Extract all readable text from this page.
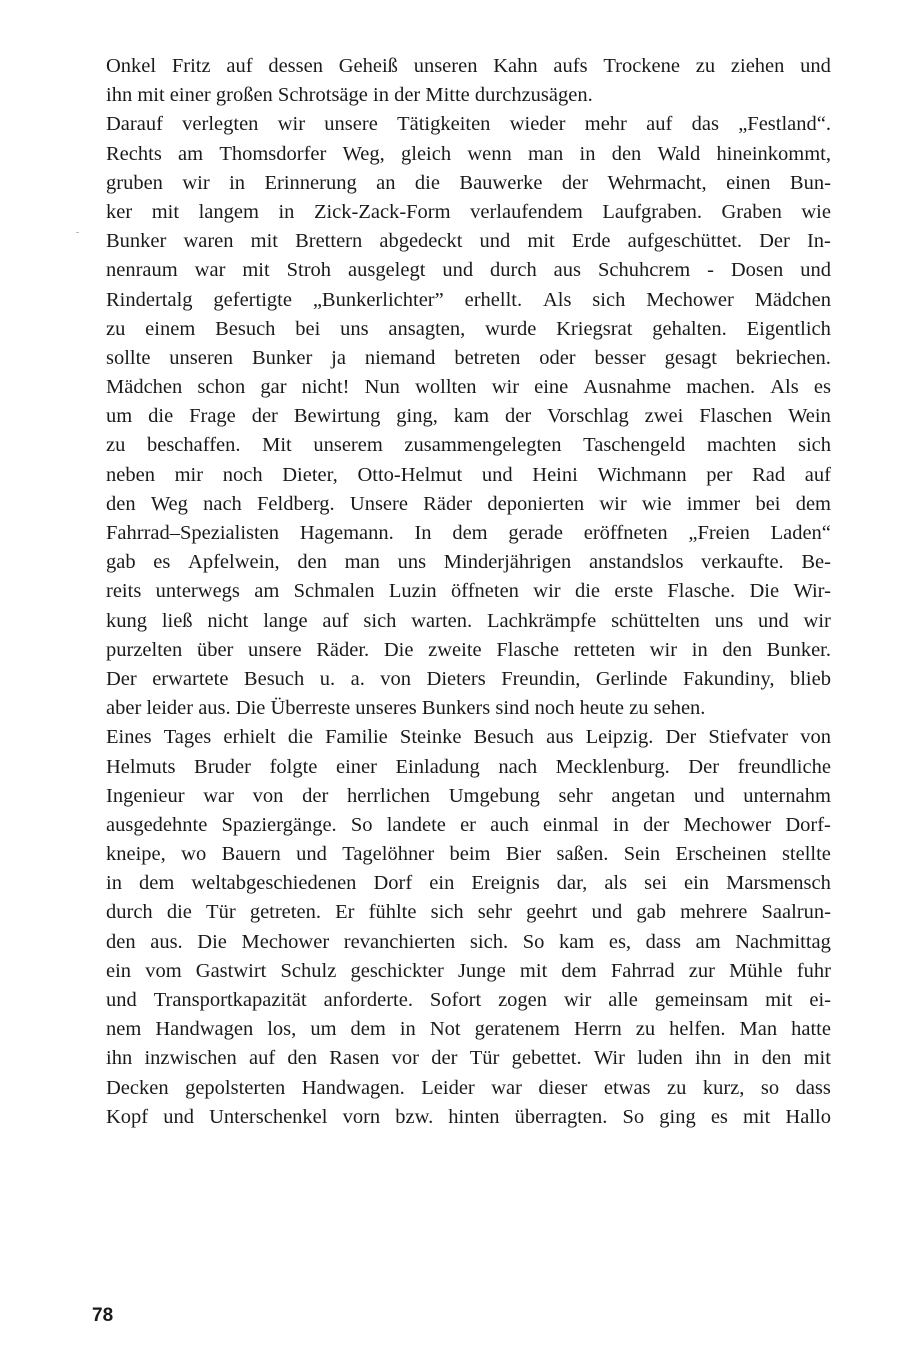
Onkel Fritz auf dessen Geheiß unseren Kahn aufs Trockene zu ziehen und
ihn mit einer großen Schrotsäge in der Mitte durchzusägen.
Darauf verlegten wir unsere Tätigkeiten wieder mehr auf das „Festland“.
Rechts am Thomsdorfer Weg, gleich wenn man in den Wald hineinkommt,
gruben wir in Erinnerung an die Bauwerke der Wehrmacht, einen Bun-
ker mit langem in Zick-Zack-Form verlaufendem Laufgraben. Graben wie
Bunker waren mit Brettern abgedeckt und mit Erde aufgeschüttet. Der In-
nenraum war mit Stroh ausgelegt und durch aus Schuhcrem - Dosen und
Rindertalg gefertigte „Bunkerlichter” erhellt. Als sich Mechower Mädchen
zu einem Besuch bei uns ansagten, wurde Kriegsrat gehalten. Eigentlich
sollte unseren Bunker ja niemand betreten oder besser gesagt bekriechen.
Mädchen schon gar nicht! Nun wollten wir eine Ausnahme machen. Als es
um die Frage der Bewirtung ging, kam der Vorschlag zwei Flaschen Wein
zu beschaffen. Mit unserem zusammengelegten Taschengeld machten sich
neben mir noch Dieter, Otto-Helmut und Heini Wichmann per Rad auf
den Weg nach Feldberg. Unsere Räder deponierten wir wie immer bei dem
Fahrrad–Spezialisten Hagemann. In dem gerade eröffneten „Freien Laden“
gab es Apfelwein, den man uns Minderjährigen anstandslos verkaufte. Be-
reits unterwegs am Schmalen Luzin öffneten wir die erste Flasche. Die Wir-
kung ließ nicht lange auf sich warten. Lachkrämpfe schüttelten uns und wir
purzelten über unsere Räder. Die zweite Flasche retteten wir in den Bunker.
Der erwartete Besuch u. a. von Dieters Freundin, Gerlinde Fakundiny, blieb
aber leider aus. Die Überreste unseres Bunkers sind noch heute zu sehen.
Eines Tages erhielt die Familie Steinke Besuch aus Leipzig. Der Stiefvater von
Helmuts Bruder folgte einer Einladung nach Mecklenburg. Der freundliche
Ingenieur war von der herrlichen Umgebung sehr angetan und unternahm
ausgedehnte Spaziergänge. So landete er auch einmal in der Mechower Dorf-
kneipe, wo Bauern und Tagelöhner beim Bier saßen. Sein Erscheinen stellte
in dem weltabgeschiedenen Dorf ein Ereignis dar, als sei ein Marsmensch
durch die Tür getreten. Er fühlte sich sehr geehrt und gab mehrere Saalrun-
den aus. Die Mechower revanchierten sich. So kam es, dass am Nachmittag
ein vom Gastwirt Schulz geschickter Junge mit dem Fahrrad zur Mühle fuhr
und Transportkapazität anforderte. Sofort zogen wir alle gemeinsam mit ei-
nem Handwagen los, um dem in Not geratenem Herrn zu helfen. Man hatte
ihn inzwischen auf den Rasen vor der Tür gebettet. Wir luden ihn in den mit
Decken gepolsterten Handwagen. Leider war dieser etwas zu kurz, so dass
Kopf und Unterschenkel vorn bzw. hinten überragten. So ging es mit Hallo
78
